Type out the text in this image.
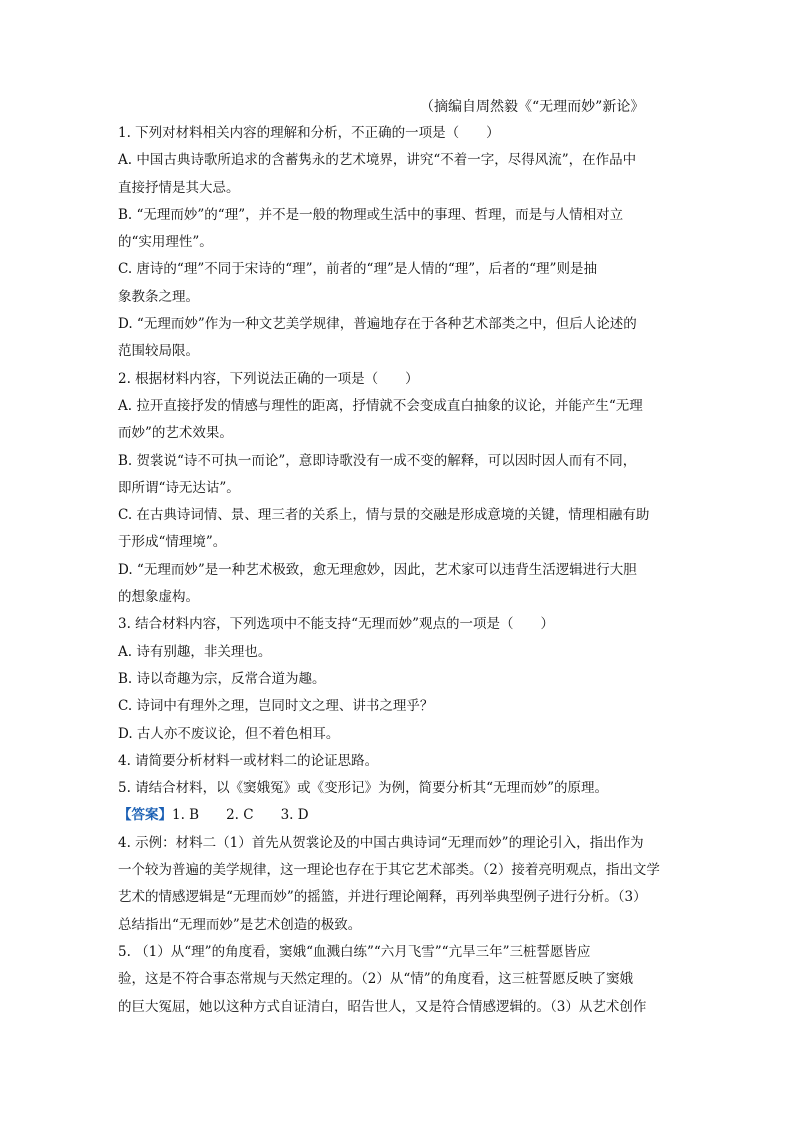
（摘编自周然毅《“无理而妙”新论》
1. 下列对材料相关内容的理解和分析，不正确的一项是（　　）
A. 中国古典诗歌所追求的含蓄隽永的艺术境界，讲究“不着一字，尽得风流”，在作品中
直接抒情是其大忌。
B. “无理而妙”的“理”，并不是一般的物理或生活中的事理、哲理，而是与人情相对立
的“实用理性”。
C. 唐诗的“理”不同于宋诗的“理”，前者的“理”是人情的“理”，后者的“理”则是抽
象教条之理。
D. “无理而妙”作为一种文艺美学规律，普遍地存在于各种艺术部类之中，但后人论述的
范围较局限。
2. 根据材料内容，下列说法正确的一项是（　　）
A. 拉开直接抒发的情感与理性的距离，抒情就不会变成直白抽象的议论，并能产生“无理
而妙”的艺术效果。
B. 贺裳说“诗不可执一而论”，意即诗歌没有一成不变的解释，可以因时因人而有不同，
即所谓“诗无达诂”。
C. 在古典诗词情、景、理三者的关系上，情与景的交融是形成意境的关键，情理相融有助
于形成“情理境”。
D. “无理而妙”是一种艺术极致，愈无理愈妙，因此，艺术家可以违背生活逻辑进行大胆
的想象虚构。
3. 结合材料内容，下列选项中不能支持“无理而妙”观点的一项是（　　）
A. 诗有别趣，非关理也。
B. 诗以奇趣为宗，反常合道为趣。
C. 诗词中有理外之理，岂同时文之理、讲书之理乎？
D. 古人亦不废议论，但不着色相耳。
4. 请简要分析材料一或材料二的论证思路。
5. 请结合材料，以《窦娥冤》或《变形记》为例，简要分析其“无理而妙”的原理。
【答案】1. B　　2. C　　3. D
4. 示例：材料二（1）首先从贺裳论及的中国古典诗词“无理而妙”的理论引入，指出作为
一个较为普遍的美学规律，这一理论也存在于其它艺术部类。（2）接着亮明观点，指出文学
艺术的情感逻辑是“无理而妙”的摇篮，并进行理论阐释，再列举典型例子进行分析。（3）
总结指出“无理而妙”是艺术创造的极致。
5. （1）从“理”的角度看，窦娥“血溅白练”“六月飞雪”“亢旱三年”三桩誓愿皆应
验，这是不符合事态常规与天然定理的。（2）从“情”的角度看，这三桩誓愿反映了窦娥
的巨大冤屈，她以这种方式自证清白，昭告世人，又是符合情感逻辑的。（3）从艺术创作
